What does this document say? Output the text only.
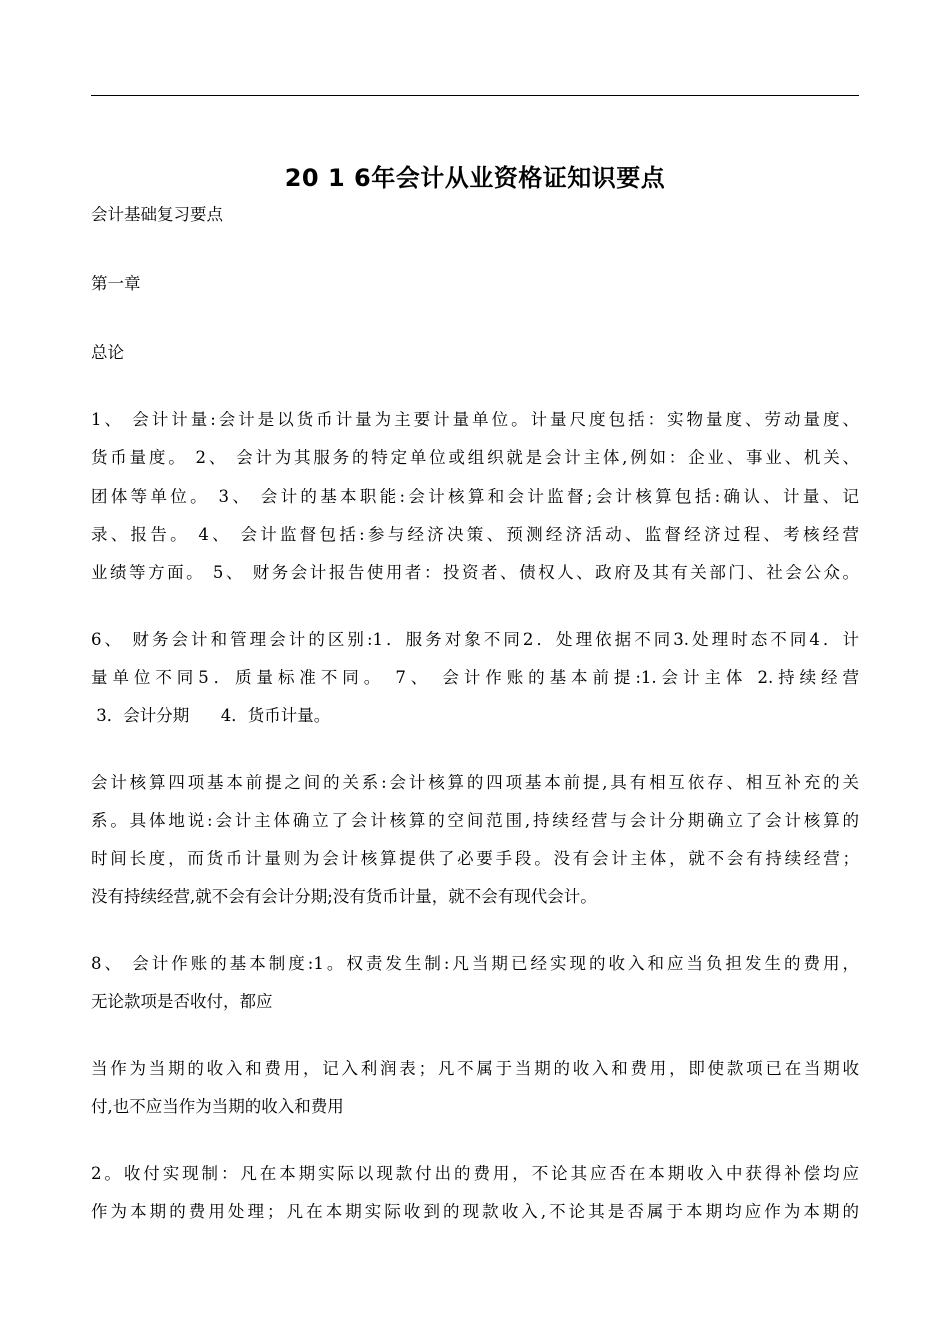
20 1 6年会计从业资格证知识要点
会计基础复习要点
第一章
总论
1、 会计计量:会计是以货币计量为主要计量单位。计量尺度包括：实物量度、劳动量度、
货币量度。 2、 会计为其服务的特定单位或组织就是会计主体,例如：企业、事业、机关、
团体等单位。 3、 会计的基本职能:会计核算和会计监督;会计核算包括:确认、计量、记
录、报告。 4、 会计监督包括:参与经济决策、预测经济活动、监督经济过程、考核经营
业绩等方面。 5、 财务会计报告使用者：投资者、债权人、政府及其有关部门、社会公众。
6、 财务会计和管理会计的区别:1．服务对象不同2．处理依据不同3.处理时态不同4．计
量单位不同5．质量标准不同。 7、 会计作账的基本前提:1.会计主体 2.持续经营
3．会计分期      4．货币计量。
会计核算四项基本前提之间的关系:会计核算的四项基本前提,具有相互依存、相互补充的关
系。具体地说:会计主体确立了会计核算的空间范围,持续经营与会计分期确立了会计核算的
时间长度，而货币计量则为会计核算提供了必要手段。没有会计主体，就不会有持续经营；
没有持续经营,就不会有会计分期;没有货币计量，就不会有现代会计。
8、 会计作账的基本制度:1。权责发生制:凡当期已经实现的收入和应当负担发生的费用，
无论款项是否收付，都应
当作为当期的收入和费用，记入利润表；凡不属于当期的收入和费用，即使款项已在当期收
付,也不应当作为当期的收入和费用
2。收付实现制：凡在本期实际以现款付出的费用，不论其应否在本期收入中获得补偿均应
作为本期的费用处理；凡在本期实际收到的现款收入,不论其是否属于本期均应作为本期的
